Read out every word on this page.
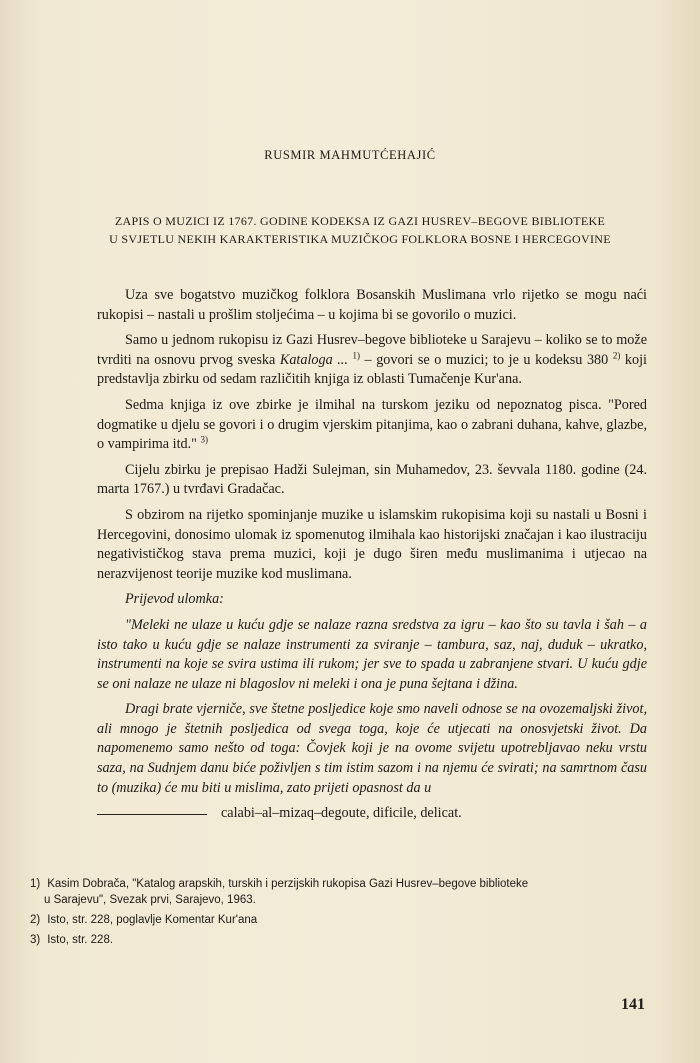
RUSMIR MAHMUTĆEHAJIĆ
ZAPIS O MUZICI IZ 1767. GODINE KODEKSA IZ GAZI HUSREV–BEGOVE BIBLIOTEKE
U SVJETLU NEKIH KARAKTERISTIKA MUZIČKOG FOLKLORA BOSNE I HERCEGOVINE

Uza sve bogatstvo muzičkog folklora Bosanskih Muslimana vrlo rijetko se mogu naći rukopisi – nastali u prošlim stoljećima – u kojima bi se govorilo o muzici.

Samo u jednom rukopisu iz Gazi Husrev–begove biblioteke u Sarajevu – koliko se to može tvrditi na osnovu prvog sveska Kataloga ... $^{1)}$ – govori se o muzici; to je u kodeksu 380 $^{2)}$ koji predstavlja zbirku od sedam različitih knjiga iz oblasti Tumačenje Kur'ana.

Sedma knjiga iz ove zbirke je ilmihal na turskom jeziku od nepoznatog pisca. "Pored dogmatike u djelu se govori i o drugim vjerskim pitanjima, kao o zabrani duhana, kahve, glazbe, o vampirima itd." $^{3)}$

Cijelu zbirku je prepisao Hadži Sulejman, sin Muhamedov, 23. ševvala 1180. godine (24. marta 1767.) u tvrđavi Gradačac.

S obzirom na rijetko spominjanje muzike u islamskim rukopisima koji su nastali u Bosni i Hercegovini, donosimo ulomak iz spomenutog ilmihala kao historijski značajan i kao ilustraciju negativističkog stava prema muzici, koji je dugo širen među muslimanima i utjecao na nerazvijenost teorije muzike kod muslimana.

Prijevod ulomka:

"Meleki ne ulaze u kuću gdje se nalaze razna sredstva za igru – kao što su tavla i šah – a isto tako u kuću gdje se nalaze instrumenti za sviranje – tambura, saz, naj, duduk – ukratko, instrumenti na koje se svira ustima ili rukom; jer sve to spada u zabranjene stvari. U kuću gdje se oni nalaze ne ulaze ni blagoslov ni meleki i ona je puna šejtana i džina.

Dragi brate vjerniče, sve štetne posljedice koje smo naveli odnose se na ovozemaljski život, ali mnogo je štetnih posljedica od svega toga, koje će utjecati na onosvjetski život. Da napomenemo samo nešto od toga: Čovjek koji je na ovome svijetu upotrebljavao neku vrstu saza, na Sudnjem danu biće poživljen s tim istim sazom i na njemu će svirati; na samrtnom času to (muzika) će mu biti u mislima, zato prijeti opasnost da u

calabi–al–mizaq–degoute, dificile, delicat.
1) Kasim Dobrača, "Katalog arapskih, turskih i perzijskih rukopisa Gazi Husrev–begove biblioteke
u Sarajevu", Svezak prvi, Sarajevo, 1963.
2) Isto, str. 228, poglavlje Komentar Kur'ana
3) Isto, str. 228.
141
